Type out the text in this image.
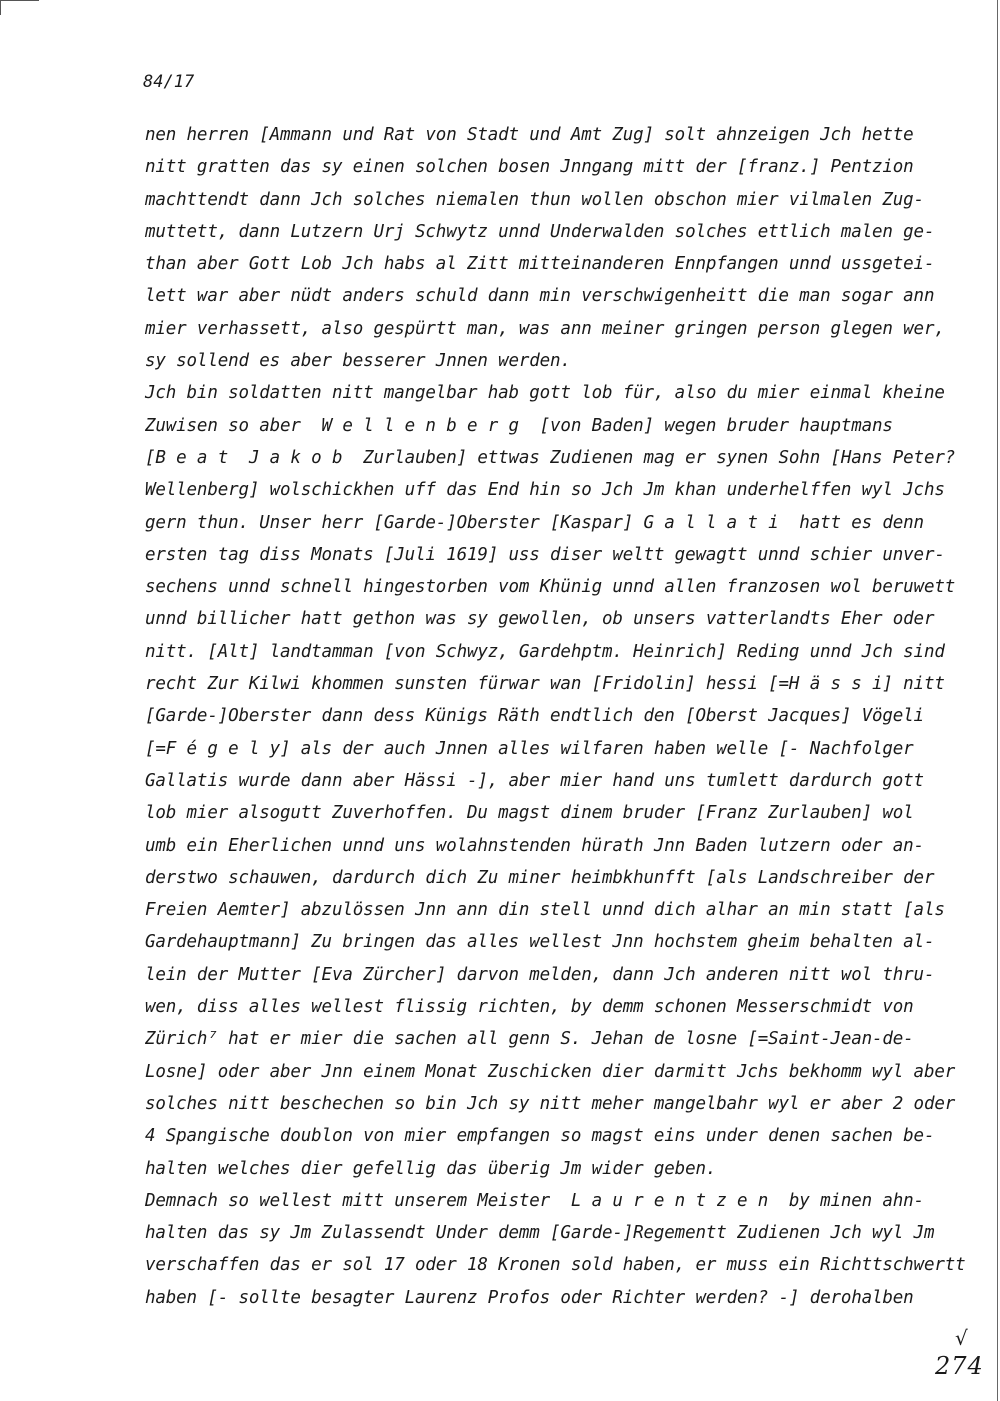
84/17
nen herren [Ammann und Rat von Stadt und Amt Zug] solt ahnzeigen Jch hette
nitt gratten das sy einen solchen bosen Jnngang mitt der [franz.] Pentzion
machttendt dann Jch solches niemalen thun wollen obschon mier vilmalen Zug-
muttett, dann Lutzern Urj Schwytz unnd Underwalden solches ettlich malen ge-
than aber Gott Lob Jch habs al Zitt mitteinanderen Ennpfangen unnd ussgetei-
lett war aber nüdt anders schuld dann min verschwigenheitt die man sogar ann
mier verhassett, also gespürtt man, was ann meiner gringen person glegen wer,
sy sollend es aber besserer Jnnen werden.
Jch bin soldatten nitt mangelbar hab gott lob für, also du mier einmal kheine
Zuwisen so aber  W e l l e n b e r g  [von Baden] wegen bruder hauptmans
[B e a t  J a k o b  Zurlauben] ettwas Zudienen mag er synen Sohn [Hans Peter?
Wellenberg] wolschickhen uff das End hin so Jch Jm khan underhelffen wyl Jchs
gern thun. Unser herr [Garde-]Oberster [Kaspar] G a l l a t i  hatt es denn
ersten tag diss Monats [Juli 1619] uss diser weltt gewagtt unnd schier unver-
sechens unnd schnell hingestorben vom Khünig unnd allen franzosen wol beruwett
unnd billicher hatt gethon was sy gewollen, ob unsers vatterlandts Eher oder
nitt. [Alt] landtamman [von Schwyz, Gardehptm. Heinrich] Reding unnd Jch sind
recht Zur Kilwi khommen sunsten fürwar wan [Fridolin] hessi [=H ä s s i] nitt
[Garde-]Oberster dann dess Künigs Räth endtlich den [Oberst Jacques] Vögeli
[=F é g e l y] als der auch Jnnen alles wilfaren haben welle [- Nachfolger
Gallatis wurde dann aber Hässi -], aber mier hand uns tumlett dardurch gott
lob mier alsogutt Zuverhoffen. Du magst dinem bruder [Franz Zurlauben] wol
umb ein Eherlichen unnd uns wolahnstenden hürath Jnn Baden lutzern oder an-
derstwo schauwen, dardurch dich Zu miner heimbkhunfft [als Landschreiber der
Freien Aemter] abzulössen Jnn ann din stell unnd dich alhar an min statt [als
Gardehauptmann] Zu bringen das alles wellest Jnn hochstem gheim behalten al-
lein der Mutter [Eva Zürcher] darvon melden, dann Jch anderen nitt wol thru-
wen, diss alles wellest flissig richten, by demm schonen Messerschmidt von
Zürich⁷ hat er mier die sachen all genn S. Jehan de losne [=Saint-Jean-de-
Losne] oder aber Jnn einem Monat Zuschicken dier darmitt Jchs bekhomm wyl aber
solches nitt beschechen so bin Jch sy nitt meher mangelbahr wyl er aber 2 oder
4 Spangische doublon von mier empfangen so magst eins under denen sachen be-
halten welches dier gefellig das überig Jm wider geben.
Demnach so wellest mitt unserem Meister  L a u r e n t z e n  by minen ahn-
halten das sy Jm Zulassendt Under demm [Garde-]Regementt Zudienen Jch wyl Jm
verschaffen das er sol 17 oder 18 Kronen sold haben, er muss ein Richttschwertt
haben [- sollte besagter Laurenz Profos oder Richter werden? -] derohalben
√
274
